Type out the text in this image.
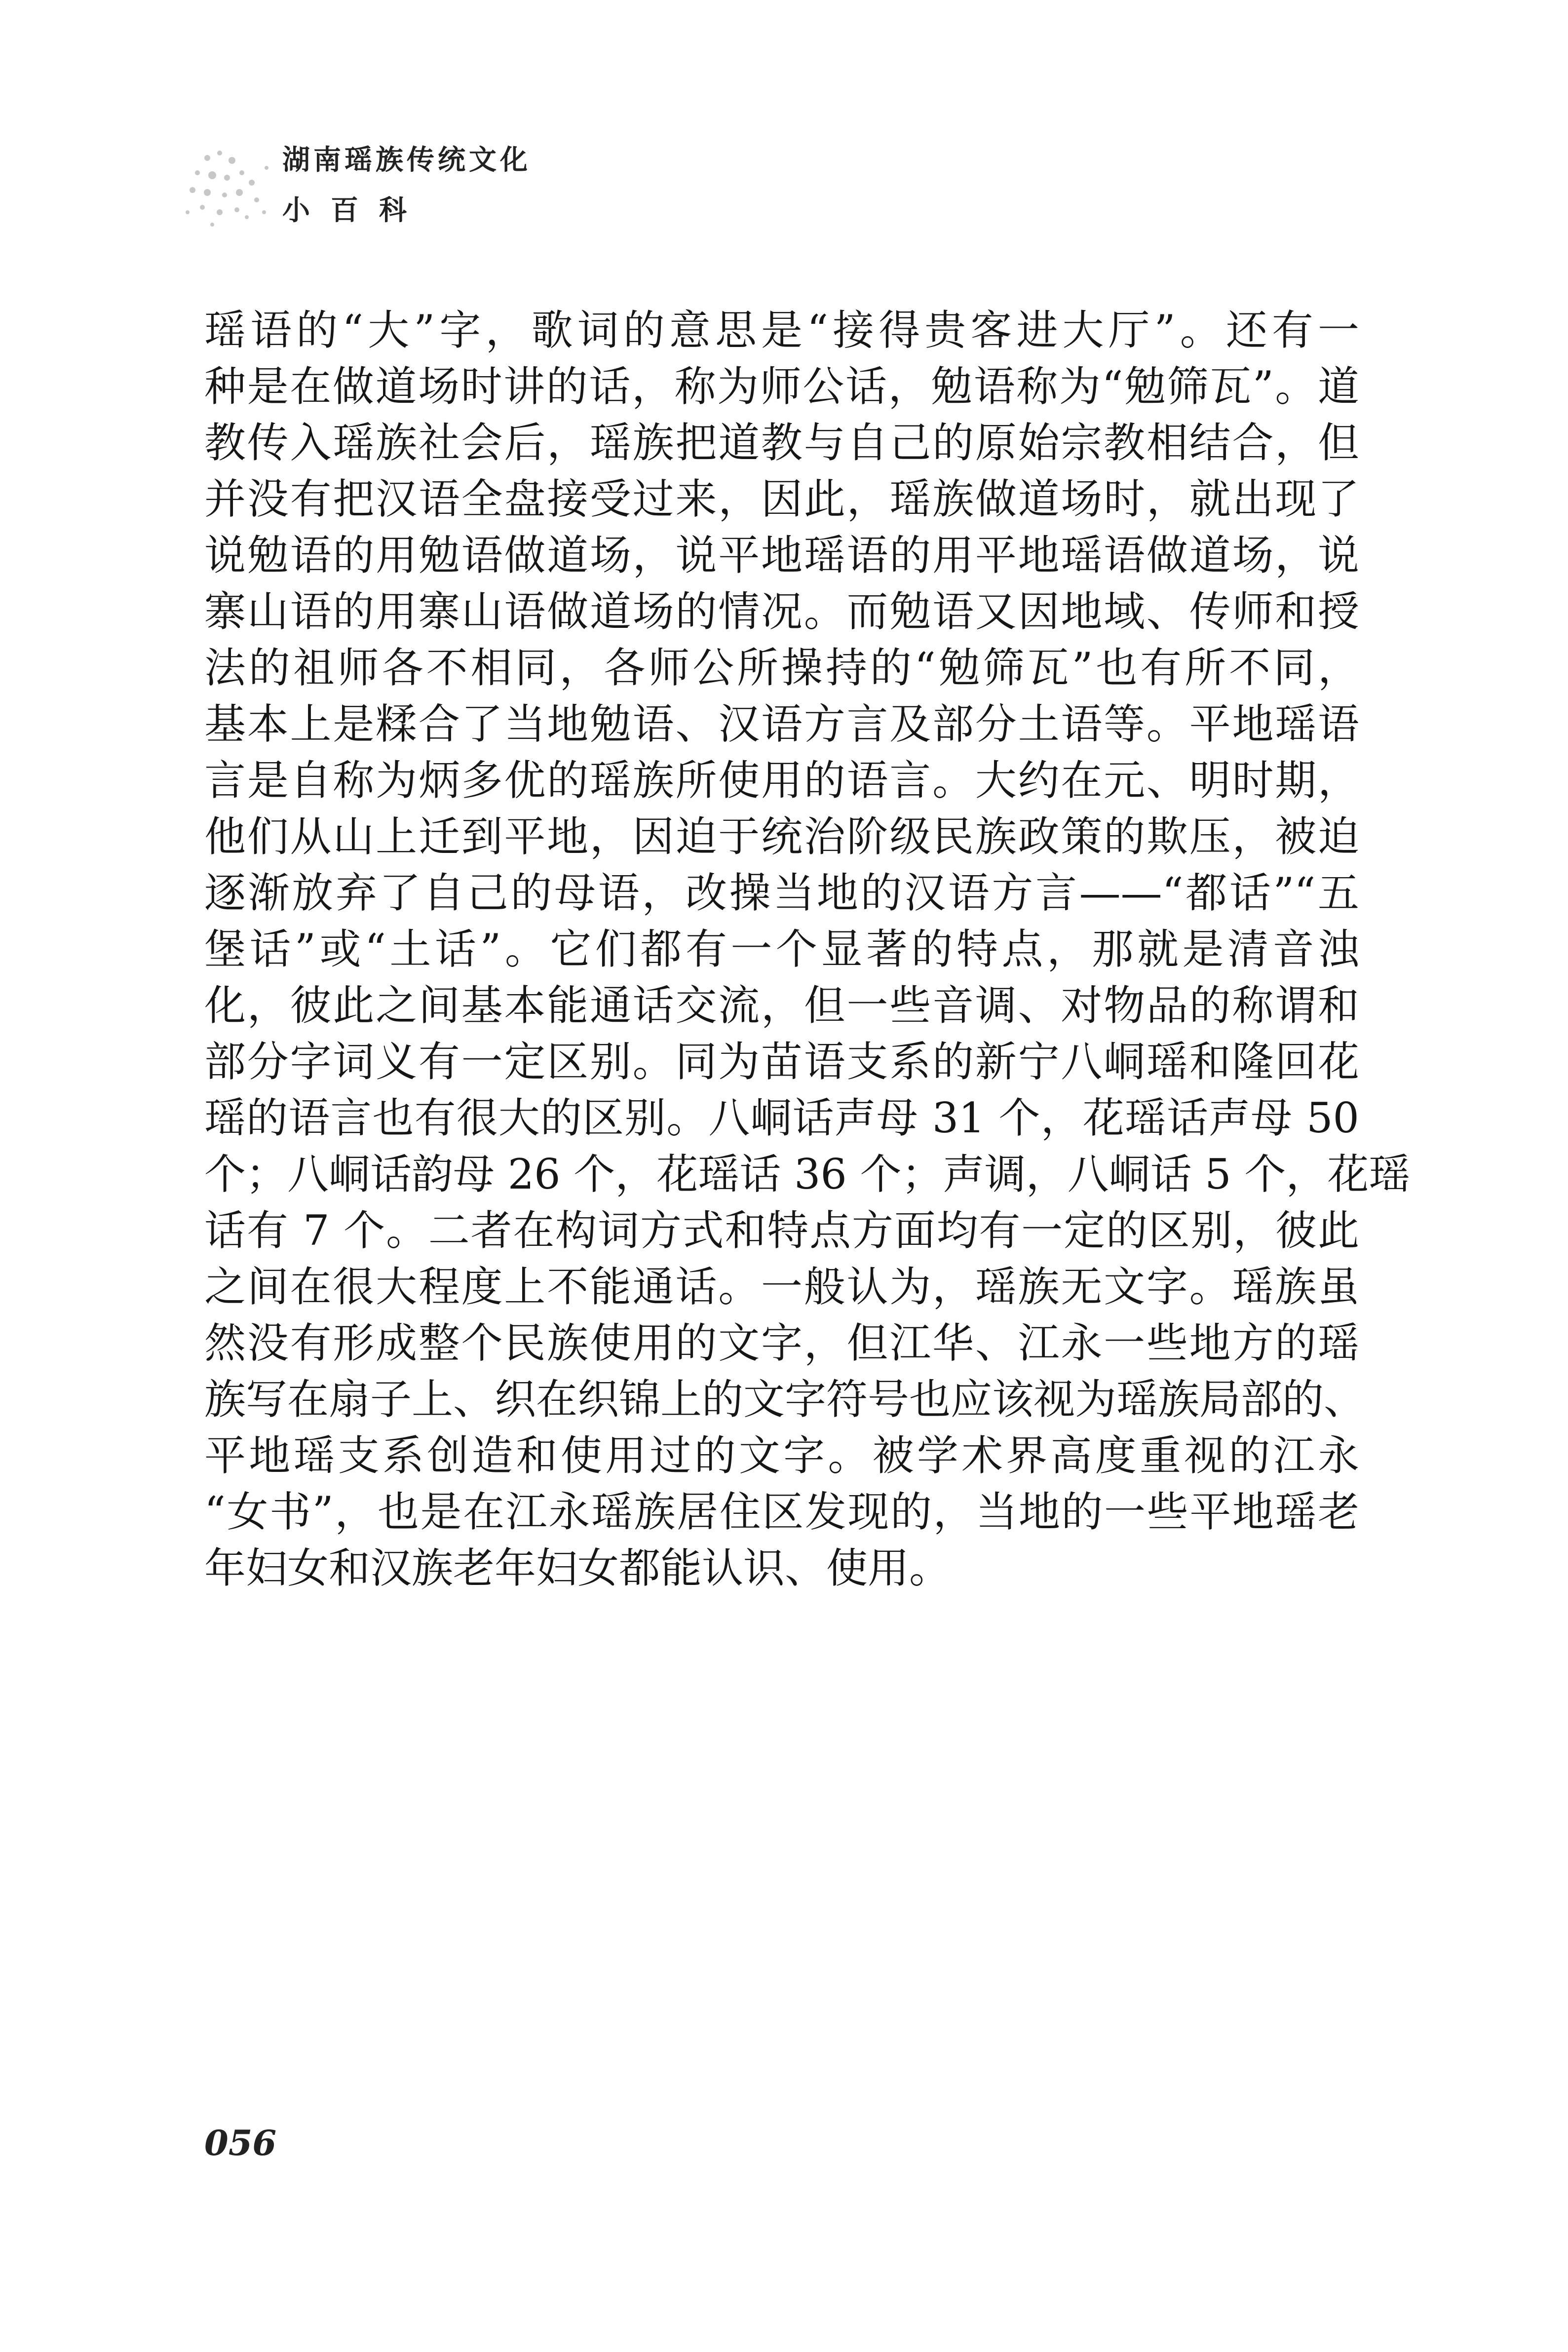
湖南瑶族传统文化
小百科
瑶语的“大”字，歌词的意思是“接得贵客进大厅”。还有一
种是在做道场时讲的话，称为师公话，勉语称为“勉筛瓦”。道
教传入瑶族社会后，瑶族把道教与自己的原始宗教相结合，但
并没有把汉语全盘接受过来，因此，瑶族做道场时，就出现了
说勉语的用勉语做道场，说平地瑶语的用平地瑶语做道场，说
寨山语的用寨山语做道场的情况。而勉语又因地域、传师和授
法的祖师各不相同，各师公所操持的“勉筛瓦”也有所不同，
基本上是糅合了当地勉语、汉语方言及部分土语等。平地瑶语
言是自称为炳多优的瑶族所使用的语言。大约在元、明时期，
他们从山上迁到平地，因迫于统治阶级民族政策的欺压，被迫
逐渐放弃了自己的母语，改操当地的汉语方言——“都话”“五
堡话”或“土话”。它们都有一个显著的特点，那就是清音浊
化，彼此之间基本能通话交流，但一些音调、对物品的称谓和
部分字词义有一定区别。同为苗语支系的新宁八峒瑶和隆回花
瑶的语言也有很大的区别。八峒话声母 31 个，花瑶话声母 50
个；八峒话韵母 26 个，花瑶话 36 个；声调，八峒话 5 个，花瑶
话有 7 个。二者在构词方式和特点方面均有一定的区别，彼此
之间在很大程度上不能通话。一般认为，瑶族无文字。瑶族虽
然没有形成整个民族使用的文字，但江华、江永一些地方的瑶
族写在扇子上、织在织锦上的文字符号也应该视为瑶族局部的、
平地瑶支系创造和使用过的文字。被学术界高度重视的江永
“女书”，也是在江永瑶族居住区发现的，当地的一些平地瑶老
年妇女和汉族老年妇女都能认识、使用。
056
